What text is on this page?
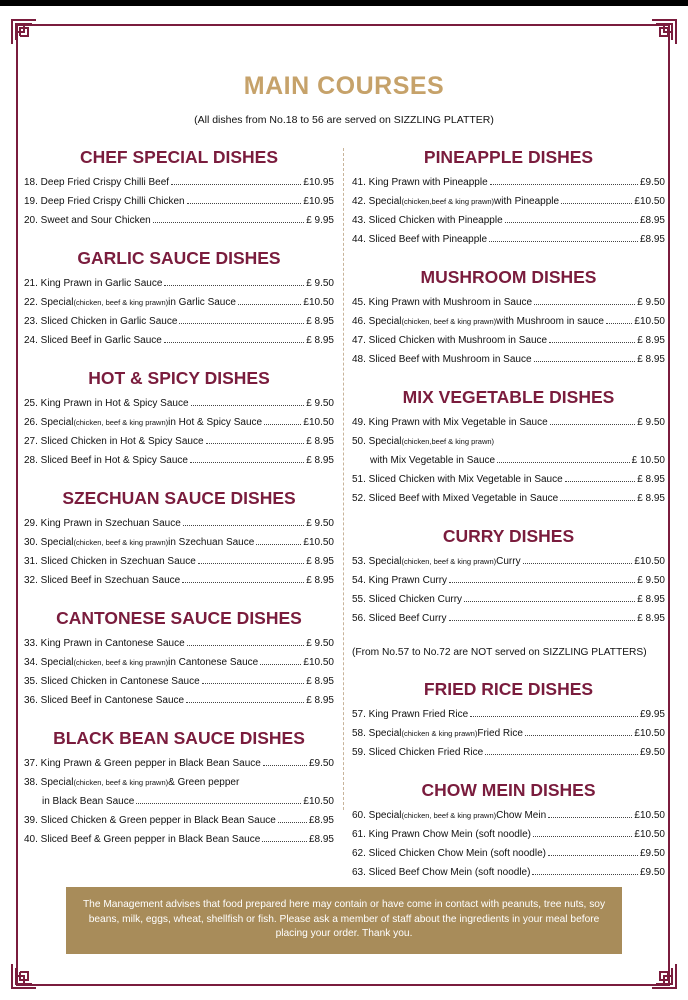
MAIN COURSES
(All dishes from No.18 to 56 are served on SIZZLING PLATTER)
CHEF SPECIAL DISHES
18. Deep Fried Crispy Chilli Beef	£10.95
19. Deep Fried Crispy Chilli Chicken	£10.95
20. Sweet and Sour Chicken	£ 9.95
GARLIC SAUCE DISHES
21. King Prawn in Garlic Sauce	£ 9.50
22. Special (chicken, beef & king prawn) in Garlic Sauce	£10.50
23. Sliced Chicken in Garlic Sauce	£ 8.95
24. Sliced Beef in Garlic Sauce	£ 8.95
HOT & SPICY DISHES
25. King Prawn in Hot & Spicy Sauce	£ 9.50
26. Special (chicken, beef & king prawn) in Hot & Spicy Sauce	£10.50
27. Sliced Chicken in Hot & Spicy Sauce	£ 8.95
28. Sliced Beef in Hot & Spicy Sauce	£ 8.95
SZECHUAN SAUCE DISHES
29. King Prawn in Szechuan Sauce	£ 9.50
30. Special (chicken, beef & king prawn) in Szechuan Sauce	£10.50
31. Sliced Chicken in Szechuan Sauce	£ 8.95
32. Sliced Beef in Szechuan Sauce	£ 8.95
CANTONESE SAUCE DISHES
33. King Prawn in Cantonese Sauce	£ 9.50
34. Special (chicken, beef & king prawn) in Cantonese Sauce	£10.50
35. Sliced Chicken in Cantonese Sauce	£ 8.95
36. Sliced Beef in Cantonese Sauce	£ 8.95
BLACK BEAN SAUCE DISHES
37. King Prawn & Green pepper in Black Bean Sauce	£9.50
38. Special (chicken, beef & king prawn) & Green pepper
in Black Bean Sauce	£10.50
39. Sliced Chicken & Green pepper in Black Bean Sauce	£8.95
40. Sliced Beef & Green pepper in Black Bean Sauce	£8.95
PINEAPPLE DISHES
41. King Prawn with Pineapple	£9.50
42. Special (chicken,beef & king prawn) with Pineapple	£10.50
43. Sliced Chicken with Pineapple	£8.95
44. Sliced Beef with Pineapple	£8.95
MUSHROOM DISHES
45. King Prawn with Mushroom in Sauce	£ 9.50
46. Special (chicken, beef & king prawn) with Mushroom in sauce	£10.50
47. Sliced Chicken with Mushroom in Sauce	£ 8.95
48. Sliced Beef with Mushroom in Sauce	£ 8.95
MIX VEGETABLE DISHES
49. King Prawn with Mix Vegetable in Sauce	£ 9.50
50. Special (chicken,beef & king prawn)
with Mix Vegetable in Sauce	£ 10.50
51. Sliced Chicken with Mix Vegetable in Sauce	£ 8.95
52. Sliced Beef with Mixed Vegetable in Sauce	£ 8.95
CURRY DISHES
53. Special (chicken, beef & king prawn) Curry	£10.50
54. King Prawn Curry	£ 9.50
55. Sliced Chicken Curry	£ 8.95
56. Sliced Beef Curry	£ 8.95
(From No.57 to No.72 are NOT served on SIZZLING PLATTERS)
FRIED RICE DISHES
57. King Prawn Fried Rice	£9.95
58. Special (chicken & king prawn) Fried Rice	£10.50
59. Sliced Chicken Fried Rice	£9.50
CHOW MEIN DISHES
60. Special (chicken, beef & king prawn) Chow Mein	£10.50
61. King Prawn Chow Mein (soft noodle)	£10.50
62. Sliced Chicken Chow Mein (soft noodle)	£9.50
63. Sliced Beef Chow Mein (soft noodle)	£9.50
The Management advises that food prepared here may contain or have come in contact with peanuts, tree nuts, soy beans, milk, eggs, wheat, shellfish or fish. Please ask a member of staff about the ingredients in your meal before placing your order. Thank you.
